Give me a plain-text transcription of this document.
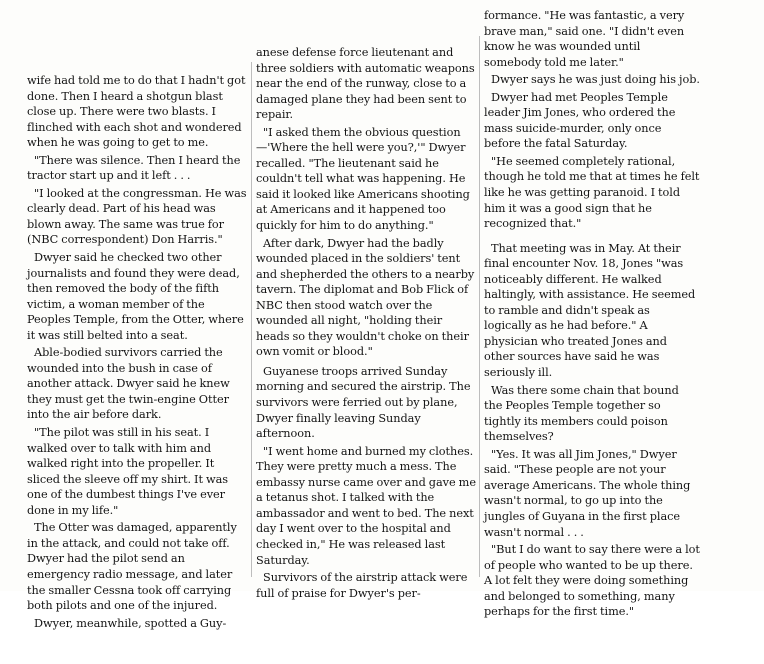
wife had told me to do that I hadn't got done. Then I heard a shotgun blast close up. There were two blasts. I flinched with each shot and wondered when he was going to get to me.

"There was silence. Then I heard the tractor start up and it left . . .

"I looked at the congressman. He was clearly dead. Part of his head was blown away. The same was true for (NBC correspondent) Don Harris."

Dwyer said he checked two other journalists and found they were dead, then removed the body of the fifth victim, a woman member of the Peoples Temple, from the Otter, where it was still belted into a seat.

Able-bodied survivors carried the wounded into the bush in case of another attack. Dwyer said he knew they must get the twin-engine Otter into the air before dark.

"The pilot was still in his seat. I walked over to talk with him and walked right into the propeller. It sliced the sleeve off my shirt. It was one of the dumbest things I've ever done in my life."

The Otter was damaged, apparently in the attack, and could not take off. Dwyer had the pilot send an emergency radio message, and later the smaller Cessna took off carrying both pilots and one of the injured.

Dwyer, meanwhile, spotted a Guy-

anese defense force lieutenant and three soldiers with automatic weapons near the end of the runway, close to a damaged plane they had been sent to repair.

"I asked them the obvious question —'Where the hell were you?,'" Dwyer recalled. "The lieutenant said he couldn't tell what was happening. He said it looked like Americans shooting at Americans and it happened too quickly for him to do anything."

After dark, Dwyer had the badly wounded placed in the soldiers' tent and shepherded the others to a nearby tavern. The diplomat and Bob Flick of NBC then stood watch over the wounded all night, "holding their heads so they wouldn't choke on their own vomit or blood."

Guyanese troops arrived Sunday morning and secured the airstrip. The survivors were ferried out by plane, Dwyer finally leaving Sunday afternoon.

"I went home and burned my clothes. They were pretty much a mess. The embassy nurse came over and gave me a tetanus shot. I talked with the ambassador and went to bed. The next day I went over to the hospital and checked in," He was released last Saturday.

Survivors of the airstrip attack were full of praise for Dwyer's per-

formance. "He was fantastic, a very brave man," said one. "I didn't even know he was wounded until somebody told me later."

Dwyer says he was just doing his job.

Dwyer had met Peoples Temple leader Jim Jones, who ordered the mass suicide-murder, only once before the fatal Saturday.

"He seemed completely rational, though he told me that at times he felt like he was getting paranoid. I told him it was a good sign that he recognized that."

That meeting was in May. At their final encounter Nov. 18, Jones "was noticeably different. He walked haltingly, with assistance. He seemed to ramble and didn't speak as logically as he had before." A physician who treated Jones and other sources have said he was seriously ill.

Was there some chain that bound the Peoples Temple together so tightly its members could poison themselves?

"Yes. It was all Jim Jones," Dwyer said. "These people are not your average Americans. The whole thing wasn't normal, to go up into the jungles of Guyana in the first place wasn't normal . . .

"But I do want to say there were a lot of people who wanted to be up there. A lot felt they were doing something and belonged to something, many perhaps for the first time."
